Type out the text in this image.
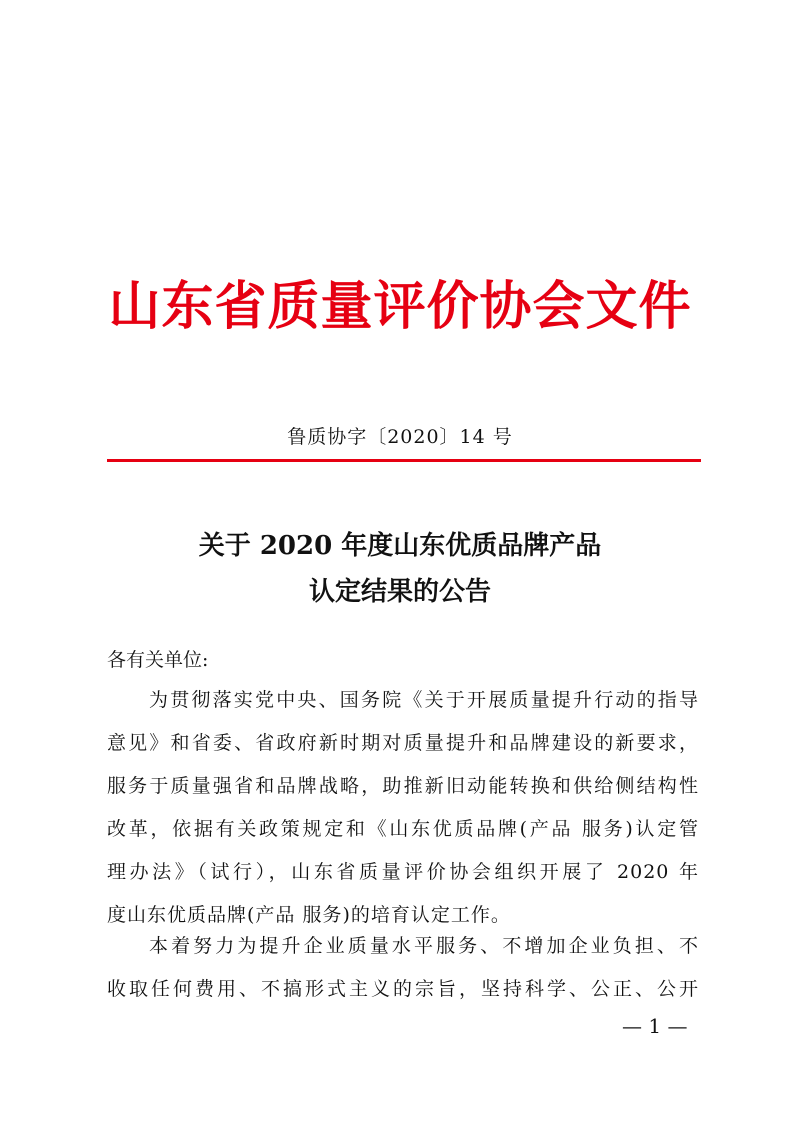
山东省质量评价协会文件
鲁质协字〔2020〕14 号
关于 2020 年度山东优质品牌产品
认定结果的公告
各有关单位:
为贯彻落实党中央、国务院《关于开展质量提升行动的指导
意见》和省委、省政府新时期对质量提升和品牌建设的新要求，
服务于质量强省和品牌战略，助推新旧动能转换和供给侧结构性
改革，依据有关政策规定和《山东优质品牌(产品 服务)认定管
理办法》（试行），山东省质量评价协会组织开展了 2020 年
度山东优质品牌(产品 服务)的培育认定工作。
本着努力为提升企业质量水平服务、不增加企业负担、不
收取任何费用、不搞形式主义的宗旨，坚持科学、公正、公开
— 1 —
